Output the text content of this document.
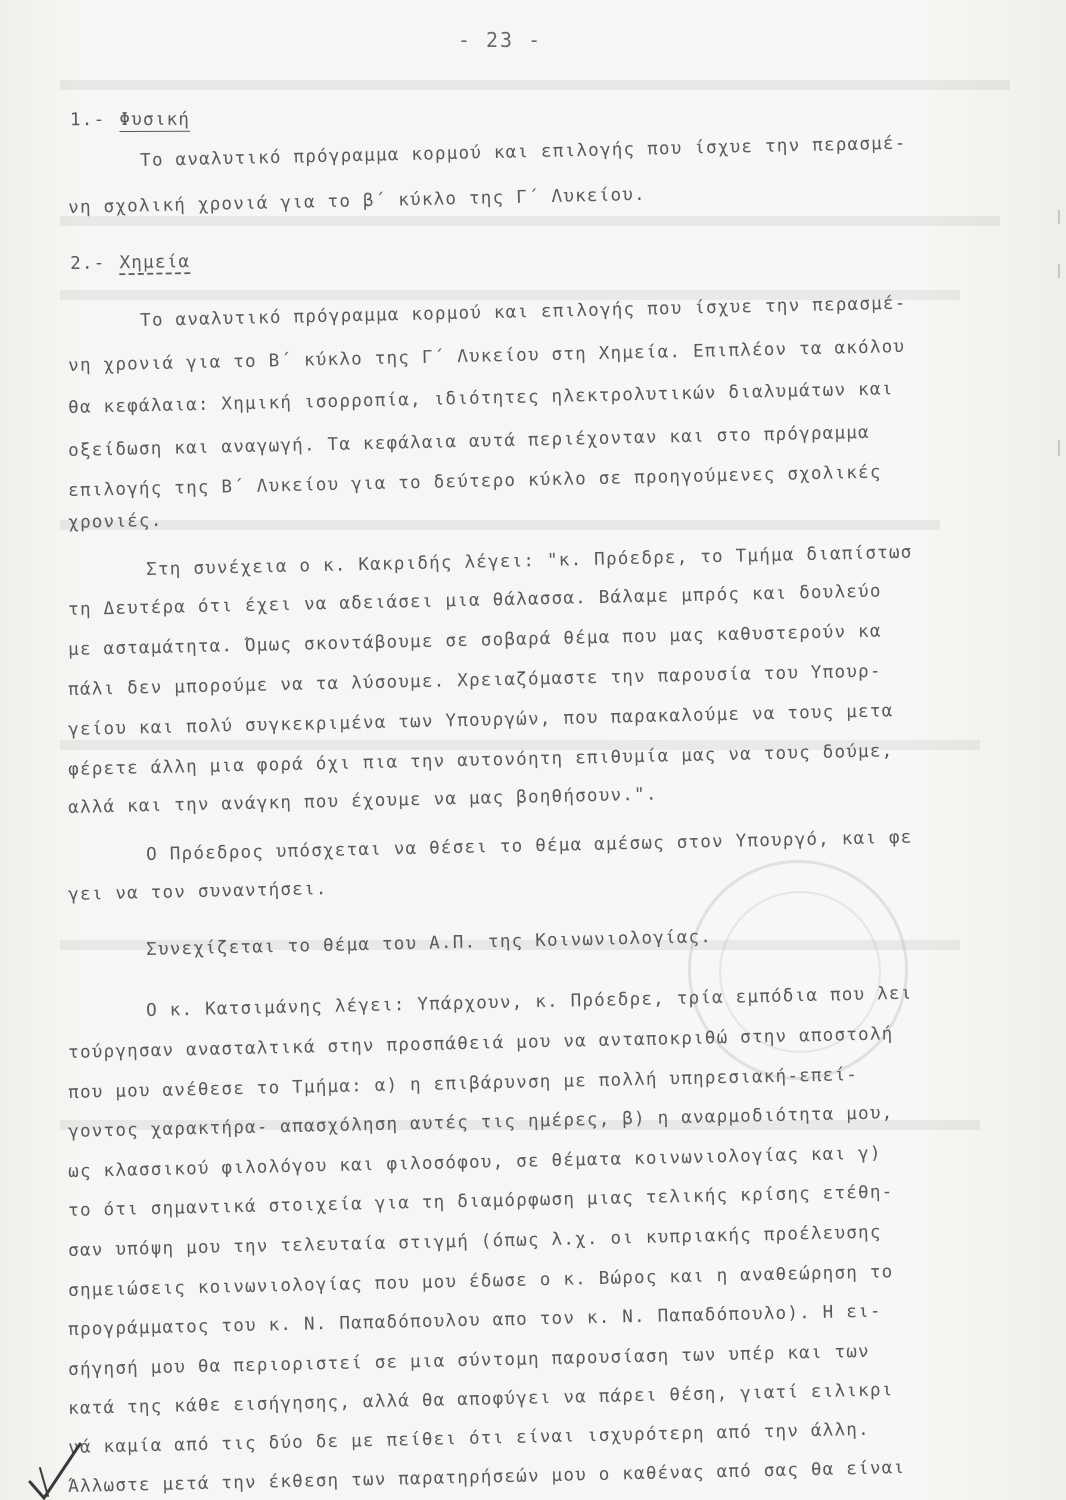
- 23 -
1.- Φυσική
Το αναλυτικό πρόγραμμα κορμού και επιλογής που ίσχυε την περασμέ-
νη σχολική χρονιά για το β΄ κύκλο της Γ΄ Λυκείου.
2.- Χημεία
Το αναλυτικό πρόγραμμα κορμού και επιλογής που ίσχυε την περασμέ-
νη χρονιά για το Β΄ κύκλο της Γ΄ Λυκείου στη Χημεία. Επιπλέον τα ακόλου
θα κεφάλαια: Χημική ισορροπία, ιδιότητες ηλεκτρολυτικών διαλυμάτων και
οξείδωση και αναγωγή. Τα κεφάλαια αυτά περιέχονταν και στο πρόγραμμα
επιλογής της Β΄ Λυκείου για το δεύτερο κύκλο σε προηγούμενες σχολικές
χρονιές.
Στη συνέχεια ο κ. Κακριδής λέγει: "κ. Πρόεδρε, το Τμήμα διαπίστωσ
τη Δευτέρα ότι έχει να αδειάσει μια θάλασσα. Βάλαμε μπρός και δουλεύο
με ασταμάτητα. Όμως σκοντάβουμε σε σοβαρά θέμα που μας καθυστερούν κα
πάλι δεν μπορούμε να τα λύσουμε. Χρειαζόμαστε την παρουσία του Υπουρ-
γείου και πολύ συγκεκριμένα των Υπουργών, που παρακαλούμε να τους μετα
φέρετε άλλη μια φορά όχι πια την αυτονόητη επιθυμία μας να τους δούμε,
αλλά και την ανάγκη που έχουμε να μας βοηθήσουν.".
Ο Πρόεδρος υπόσχεται να θέσει το θέμα αμέσως στον Υπουργό, και φε
γει να τον συναντήσει.
Συνεχίζεται το θέμα του Α.Π. της Κοινωνιολογίας.
Ο κ. Κατσιμάνης λέγει: Υπάρχουν, κ. Πρόεδρε, τρία εμπόδια που λει
τούργησαν ανασταλτικά στην προσπάθειά μου να ανταποκριθώ στην αποστολή
που μου ανέθεσε το Τμήμα: α) η επιβάρυνση με πολλή υπηρεσιακή-επεί-
γοντος χαρακτήρα- απασχόληση αυτές τις ημέρες, β) η αναρμοδιότητα μου,
ως κλασσικού φιλολόγου και φιλοσόφου, σε θέματα κοινωνιολογίας και γ)
το ότι σημαντικά στοιχεία για τη διαμόρφωση μιας τελικής κρίσης ετέθη-
σαν υπόψη μου την τελευταία στιγμή (όπως λ.χ. οι κυπριακής προέλευσης
σημειώσεις κοινωνιολογίας που μου έδωσε ο κ. Βώρος και η αναθεώρηση το
προγράμματος του κ. Ν. Παπαδόπουλου απο τον κ. Ν. Παπαδόπουλο). Η ει-
σήγησή μου θα περιοριστεί σε μια σύντομη παρουσίαση των υπέρ και των
κατά της κάθε εισήγησης, αλλά θα αποφύγει να πάρει θέση, γιατί ειλικρι
νά καμία από τις δύο δε με πείθει ότι είναι ισχυρότερη από την άλλη.
Άλλωστε μετά την έκθεση των παρατηρήσεών μου ο καθένας από σας θα είναι
